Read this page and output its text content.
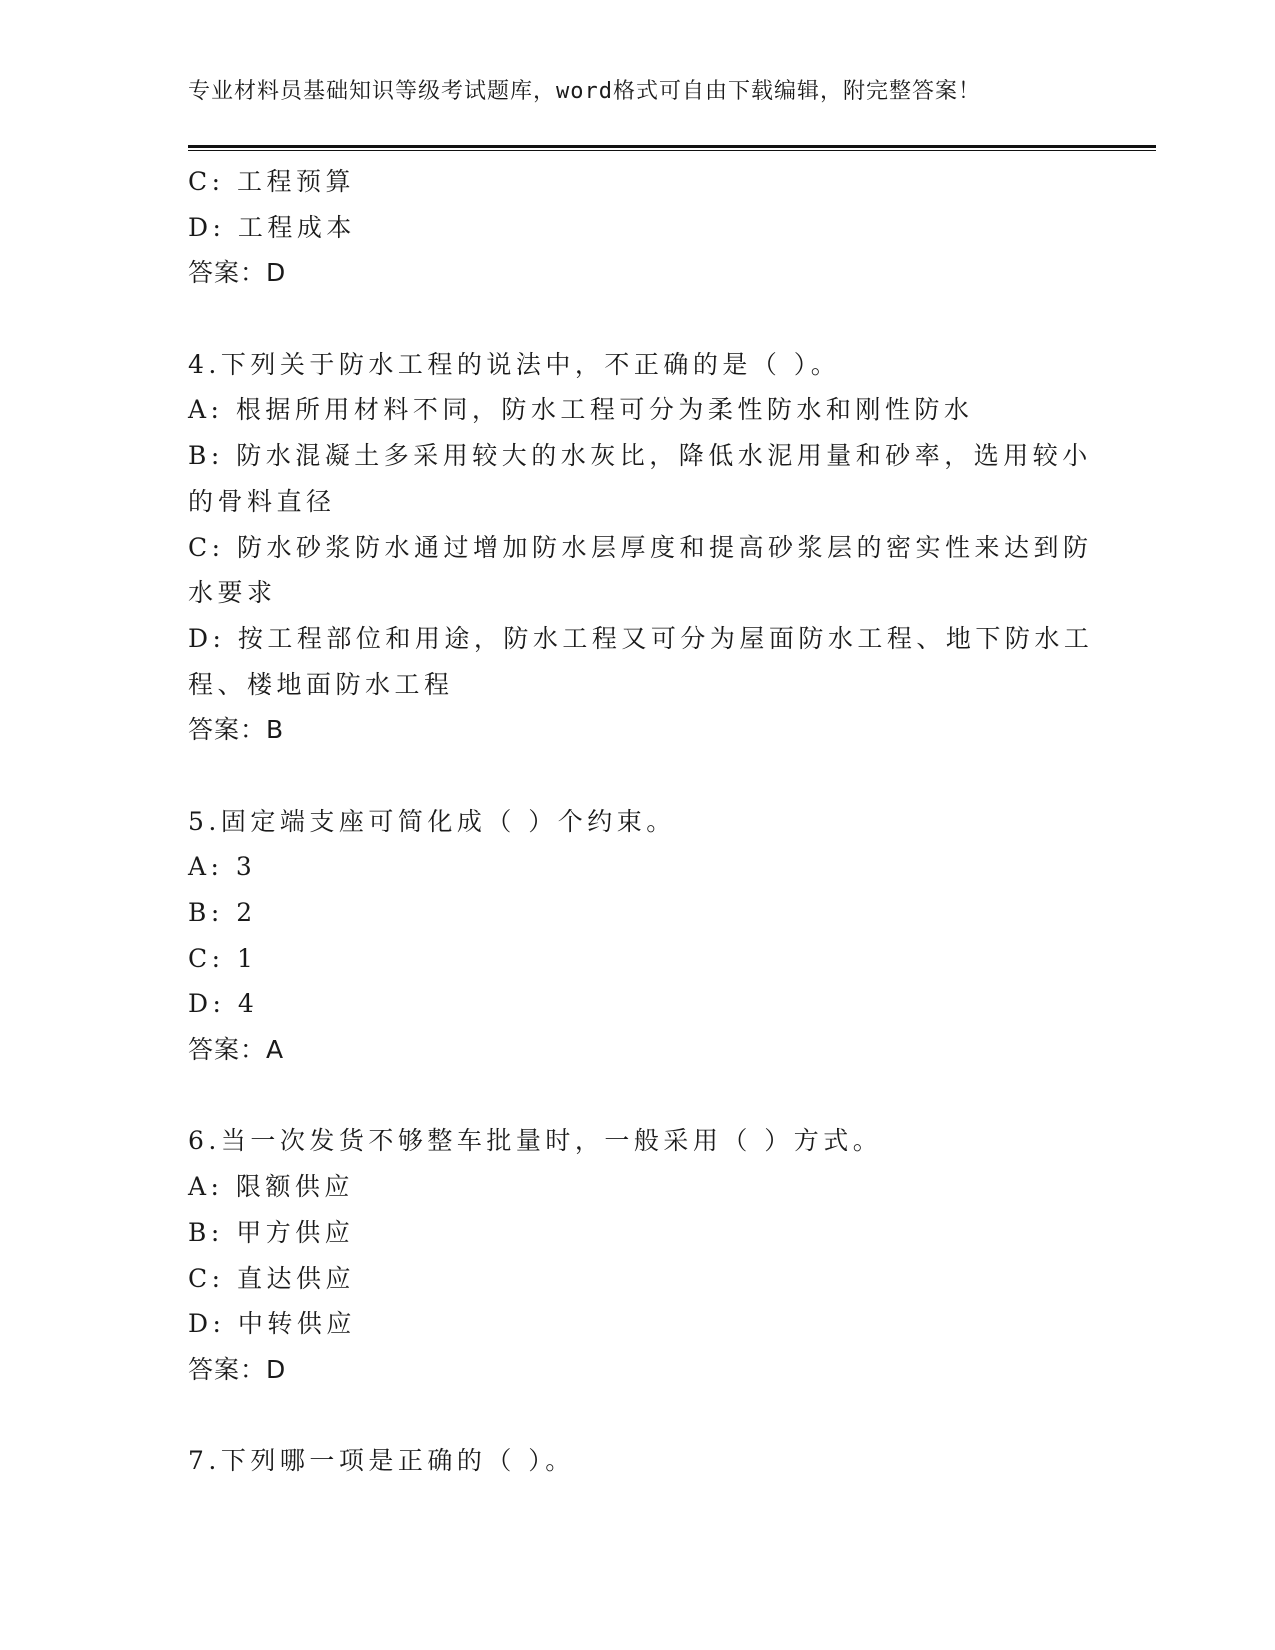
专业材料员基础知识等级考试题库，word格式可自由下载编辑，附完整答案！
C: 工程预算
D: 工程成本
答案：D
4.下列关于防水工程的说法中，不正确的是（ ）。
A: 根据所用材料不同，防水工程可分为柔性防水和刚性防水
B: 防水混凝土多采用较大的水灰比，降低水泥用量和砂率，选用较小
的骨料直径
C: 防水砂浆防水通过增加防水层厚度和提高砂浆层的密实性来达到防
水要求
D: 按工程部位和用途，防水工程又可分为屋面防水工程、地下防水工
程、楼地面防水工程
答案：B
5.固定端支座可简化成（ ）个约束。
A: 3
B: 2
C: 1
D: 4
答案：A
6.当一次发货不够整车批量时，一般采用（ ）方式。
A: 限额供应
B: 甲方供应
C: 直达供应
D: 中转供应
答案：D
7.下列哪一项是正确的（ ）。
